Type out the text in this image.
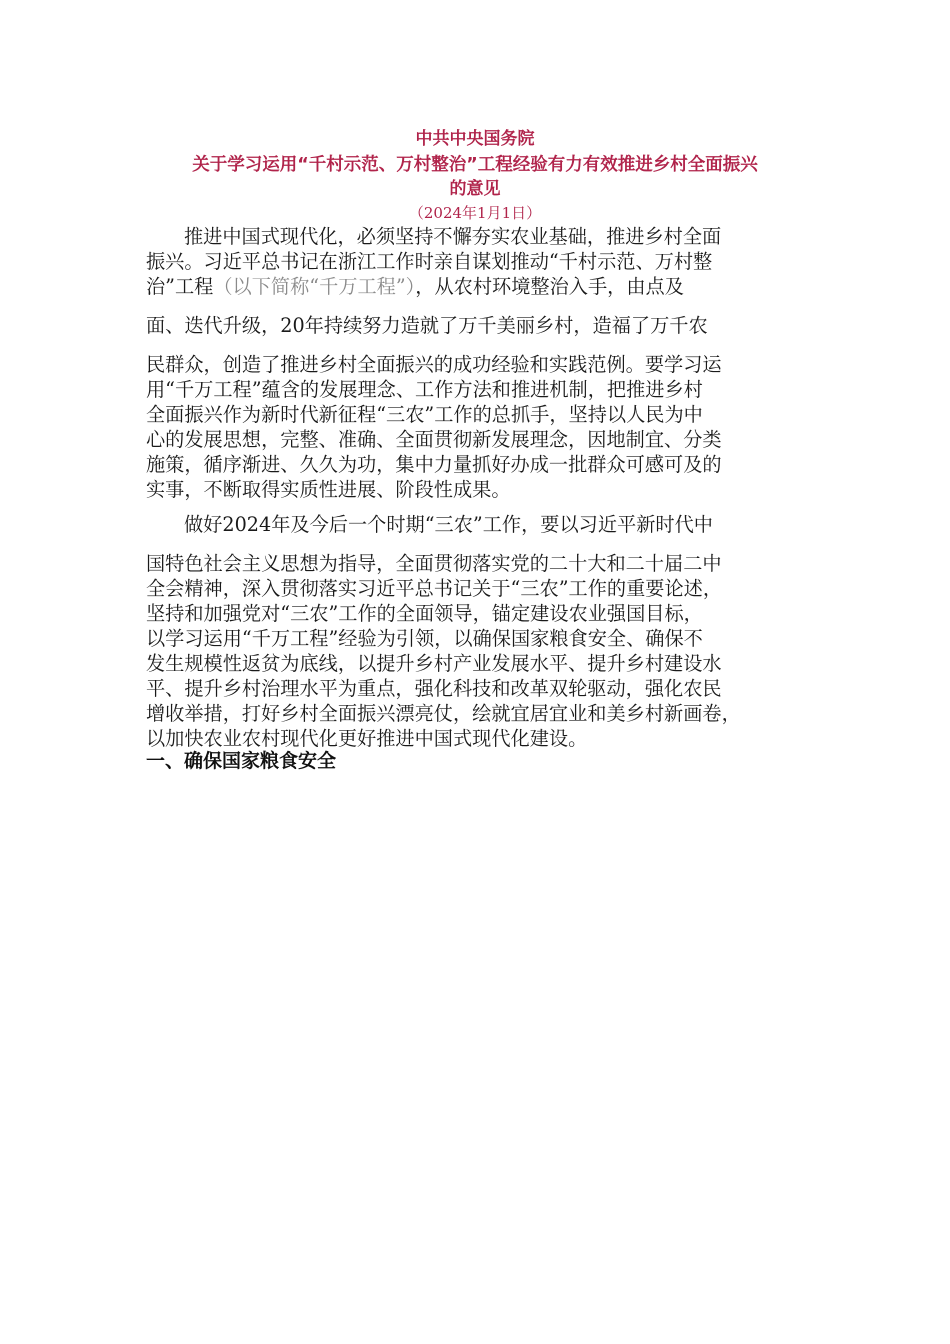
中共中央国务院
关于学习运用“千村示范、万村整治”工程经验有力有效推进乡村全面振兴
的意见
（2024年1月1日）
推进中国式现代化，必须坚持不懈夯实农业基础，推进乡村全面
振兴。习近平总书记在浙江工作时亲自谋划推动“千村示范、万村整
治”工程（以下简称“千万工程”），从农村环境整治入手，由点及
面、迭代升级，20年持续努力造就了万千美丽乡村，造福了万千农
民群众，创造了推进乡村全面振兴的成功经验和实践范例。要学习运
用“千万工程”蕴含的发展理念、工作方法和推进机制，把推进乡村
全面振兴作为新时代新征程“三农”工作的总抓手，坚持以人民为中
心的发展思想，完整、准确、全面贯彻新发展理念，因地制宜、分类
施策，循序渐进、久久为功，集中力量抓好办成一批群众可感可及的
实事，不断取得实质性进展、阶段性成果。
做好2024年及今后一个时期“三农”工作，要以习近平新时代中
国特色社会主义思想为指导，全面贯彻落实党的二十大和二十届二中
全会精神，深入贯彻落实习近平总书记关于“三农”工作的重要论述，
坚持和加强党对“三农”工作的全面领导，锚定建设农业强国目标，
以学习运用“千万工程”经验为引领，以确保国家粮食安全、确保不
发生规模性返贫为底线，以提升乡村产业发展水平、提升乡村建设水
平、提升乡村治理水平为重点，强化科技和改革双轮驱动，强化农民
增收举措，打好乡村全面振兴漂亮仗，绘就宜居宜业和美乡村新画卷，
以加快农业农村现代化更好推进中国式现代化建设。
一、确保国家粮食安全
